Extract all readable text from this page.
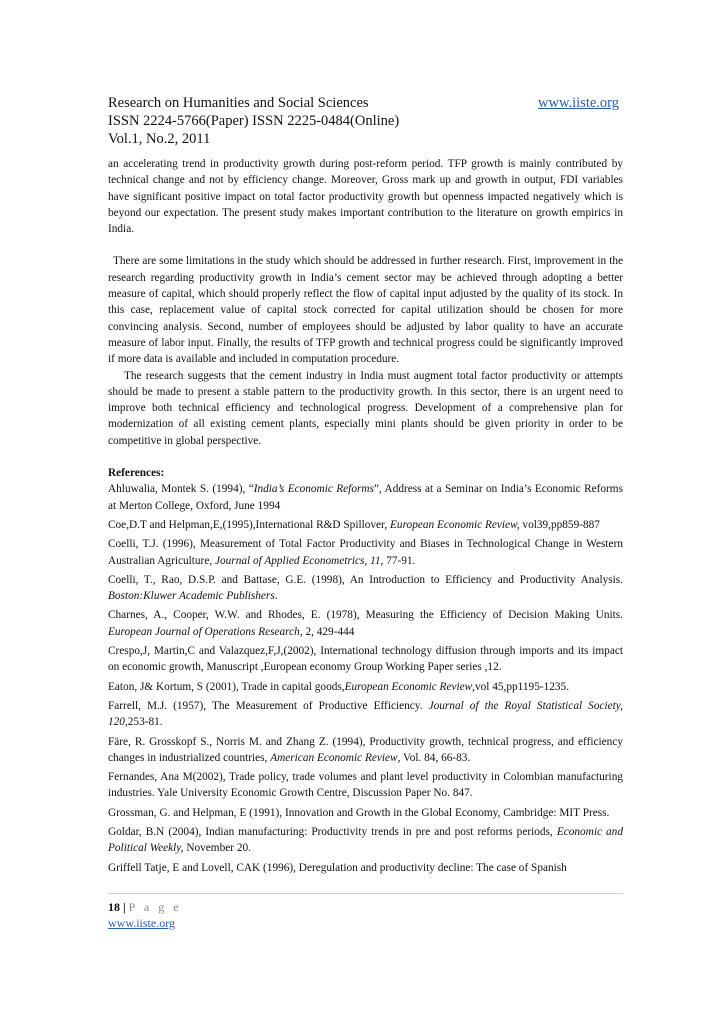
Research on Humanities and Social Sciences	www.iiste.org
ISSN 2224-5766(Paper) ISSN 2225-0484(Online)
Vol.1, No.2, 2011

an accelerating trend in productivity growth during post-reform period. TFP growth is mainly contributed by technical change and not by efficiency change. Moreover, Gross mark up and growth in output, FDI variables have significant positive impact on total factor productivity growth but openness impacted negatively which is beyond our expectation. The present study makes important contribution to the literature on growth empirics in India.

There are some limitations in the study which should be addressed in further research. First, improvement in the research regarding productivity growth in India’s cement sector may be achieved through adopting a better measure of capital, which should properly reflect the flow of capital input adjusted by the quality of its stock. In this case, replacement value of capital stock corrected for capital utilization should be chosen for more convincing analysis. Second, number of employees should be adjusted by labor quality to have an accurate measure of labor input. Finally, the results of TFP growth and technical progress could be significantly improved if more data is available and included in computation procedure.

The research suggests that the cement industry in India must augment total factor productivity or attempts should be made to present a stable pattern to the productivity growth. In this sector, there is an urgent need to improve both technical efficiency and technological progress. Development of a comprehensive plan for modernization of all existing cement plants, especially mini plants should be given priority in order to be competitive in global perspective.

References:

Ahluwalia, Montek S. (1994), “India’s Economic Reforms”, Address at a Seminar on India’s Economic Reforms at Merton College, Oxford, June 1994

Coe,D.T and Helpman,E,(1995),International R&D Spillover, European Economic Review, vol39,pp859-887

Coelli, T.J. (1996), Measurement of Total Factor Productivity and Biases in Technological Change in Western Australian Agriculture, Journal of Applied Econometrics, 11, 77-91.

Coelli, T., Rao, D.S.P. and Battase, G.E. (1998), An Introduction to Efficiency and Productivity Analysis. Boston:Kluwer Academic Publishers.

Charnes, A., Cooper, W.W. and Rhodes, E. (1978), Measuring the Efficiency of Decision Making Units. European Journal of Operations Research, 2, 429-444

Crespo,J, Martin,C and Valazquez,F,J,(2002), International technology diffusion through imports and its impact on economic growth, Manuscript ,European economy Group Working Paper series ,12.

Eaton, J& Kortum, S (2001), Trade in capital goods,European Economic Review,vol 45,pp1195-1235.

Farrell, M.J. (1957), The Measurement of Productive Efficiency. Journal of the Royal Statistical Society, 120,253-81.

Färe, R. Grosskopf S., Norris M. and Zhang Z. (1994), Productivity growth, technical progress, and efficiency changes in industrialized countries, American Economic Review, Vol. 84, 66-83.

Fernandes, Ana M(2002), Trade policy, trade volumes and plant level productivity in Colombian manufacturing industries. Yale University Economic Growth Centre, Discussion Paper No. 847.

Grossman, G. and Helpman, E (1991), Innovation and Growth in the Global Economy, Cambridge: MIT Press.

Goldar, B.N (2004), Indian manufacturing: Productivity trends in pre and post reforms periods, Economic and Political Weekly, November 20.

Griffell Tatje, E and Lovell, CAK (1996), Deregulation and productivity decline: The case of Spanish

18 | P a g e
www.iiste.org
